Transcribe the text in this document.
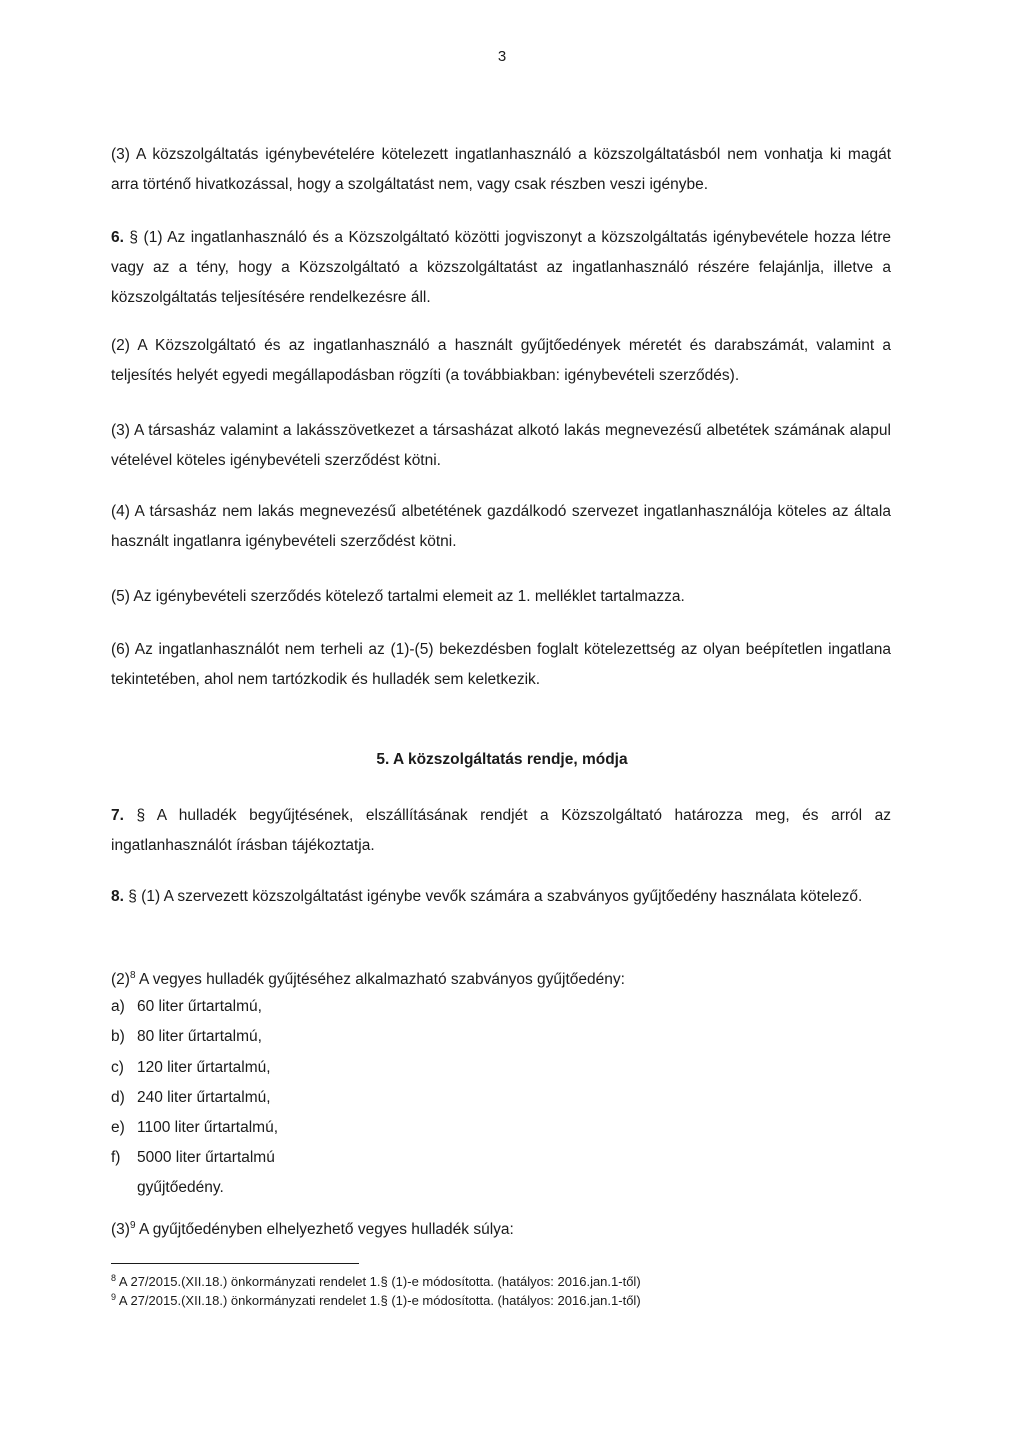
3

(3) A közszolgáltatás igénybevételére kötelezett ingatlanhasználó a közszolgáltatásból nem vonhatja ki magát arra történő hivatkozással, hogy a szolgáltatást nem, vagy csak részben veszi igénybe.

6. § (1) Az ingatlanhasználó és a Közszolgáltató közötti jogviszonyt a közszolgáltatás igénybevétele hozza létre vagy az a tény, hogy a Közszolgáltató a közszolgáltatást az ingatlanhasználó részére felajánlja, illetve a közszolgáltatás teljesítésére rendelkezésre áll.

(2) A Közszolgáltató és az ingatlanhasználó a használt gyűjtőedények méretét és darabszámát, valamint a teljesítés helyét egyedi megállapodásban rögzíti (a továbbiakban: igénybevételi szerződés).

(3) A társasház valamint a lakásszövetkezet a társasházat alkotó lakás megnevezésű albetétek számának alapul vételével köteles igénybevételi szerződést kötni.

(4) A társasház nem lakás megnevezésű albetétének gazdálkodó szervezet ingatlanhasználója köteles az általa használt ingatlanra igénybevételi szerződést kötni.

(5) Az igénybevételi szerződés kötelező tartalmi elemeit az 1. melléklet tartalmazza.

(6) Az ingatlanhasználót nem terheli az (1)-(5) bekezdésben foglalt kötelezettség az olyan beépítetlen ingatlana tekintetében, ahol nem tartózkodik és hulladék sem keletkezik.

5. A közszolgáltatás rendje, módja

7. § A hulladék begyűjtésének, elszállításának rendjét a Közszolgáltató határozza meg, és arról az ingatlanhasználót írásban tájékoztatja.

8. § (1) A szervezett közszolgáltatást igénybe vevők számára a szabványos gyűjtőedény használata kötelező.

$(2)^8$ A vegyes hulladék gyűjtéséhez alkalmazható szabványos gyűjtőedény:

a) 60 liter űrtartalmú,
b) 80 liter űrtartalmú,
c) 120 liter űrtartalmú,
d) 240 liter űrtartalmú,
e) 1100 liter űrtartalmú,
f) 5000 liter űrtartalmú
gyűjtőedény.

$(3)^9$ A gyűjtőedényben elhelyezhető vegyes hulladék súlya:

$^8$ A 27/2015.(XII.18.) önkormányzati rendelet 1.§ (1)-e módosította. (hatályos: 2016.jan.1-től)
$^9$ A 27/2015.(XII.18.) önkormányzati rendelet 1.§ (1)-e módosította. (hatályos: 2016.jan.1-től)
